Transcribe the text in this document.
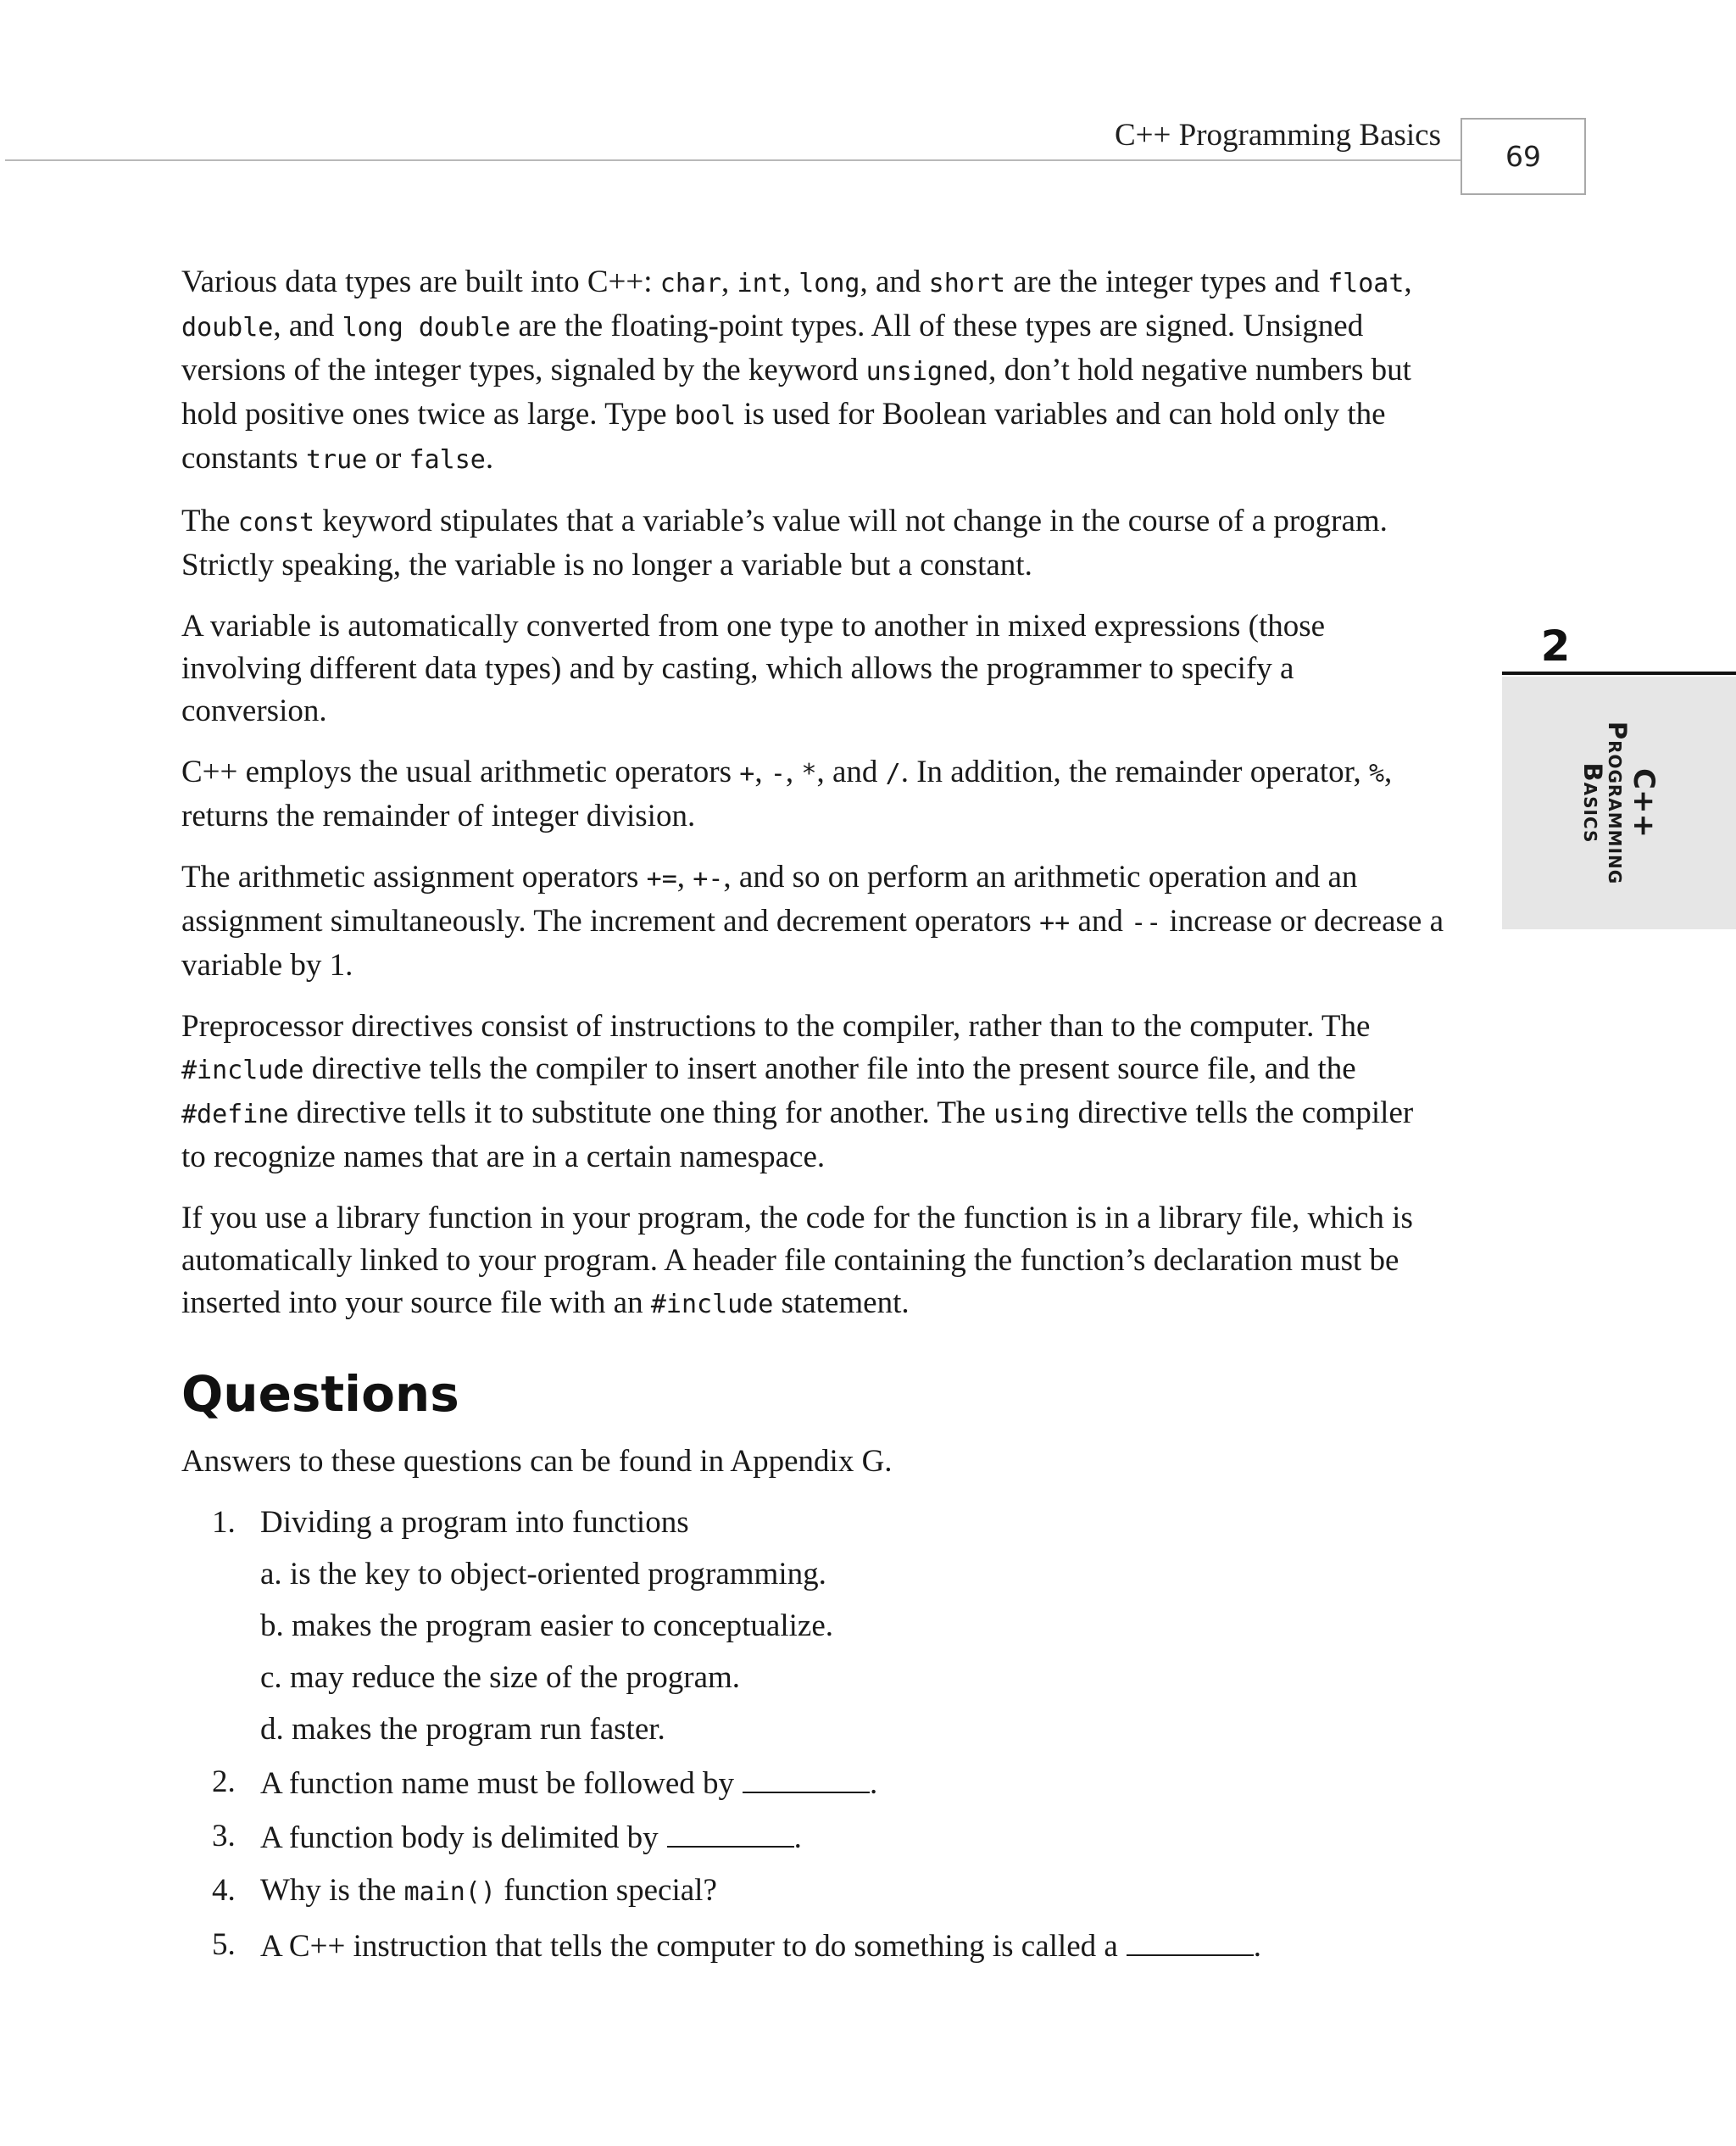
C++ Programming Basics
69
2
C++
Programming
Basics

Various data types are built into C++: char, int, long, and short are the integer types and float, double, and long double are the floating-point types. All of these types are signed. Unsigned versions of the integer types, signaled by the keyword unsigned, don’t hold negative numbers but hold positive ones twice as large. Type bool is used for Boolean variables and can hold only the constants true or false.

The const keyword stipulates that a variable’s value will not change in the course of a program. Strictly speaking, the variable is no longer a variable but a constant.

A variable is automatically converted from one type to another in mixed expressions (those involving different data types) and by casting, which allows the programmer to specify a conversion.

C++ employs the usual arithmetic operators +, -, *, and /. In addition, the remainder operator, %, returns the remainder of integer division.

The arithmetic assignment operators +=, +-, and so on perform an arithmetic operation and an assignment simultaneously. The increment and decrement operators ++ and -- increase or decrease a variable by 1.

Preprocessor directives consist of instructions to the compiler, rather than to the computer. The #include directive tells the compiler to insert another file into the present source file, and the #define directive tells it to substitute one thing for another. The using directive tells the compiler to recognize names that are in a certain namespace.

If you use a library function in your program, the code for the function is in a library file, which is automatically linked to your program. A header file containing the function’s declaration must be inserted into your source file with an #include statement.

Questions

Answers to these questions can be found in Appendix G.

1. Dividing a program into functions
a. is the key to object-oriented programming.
b. makes the program easier to conceptualize.
c. may reduce the size of the program.
d. makes the program run faster.
2. A function name must be followed by	.
3. A function body is delimited by	.
4. Why is the main() function special?
5. A C++ instruction that tells the computer to do something is called a	.
